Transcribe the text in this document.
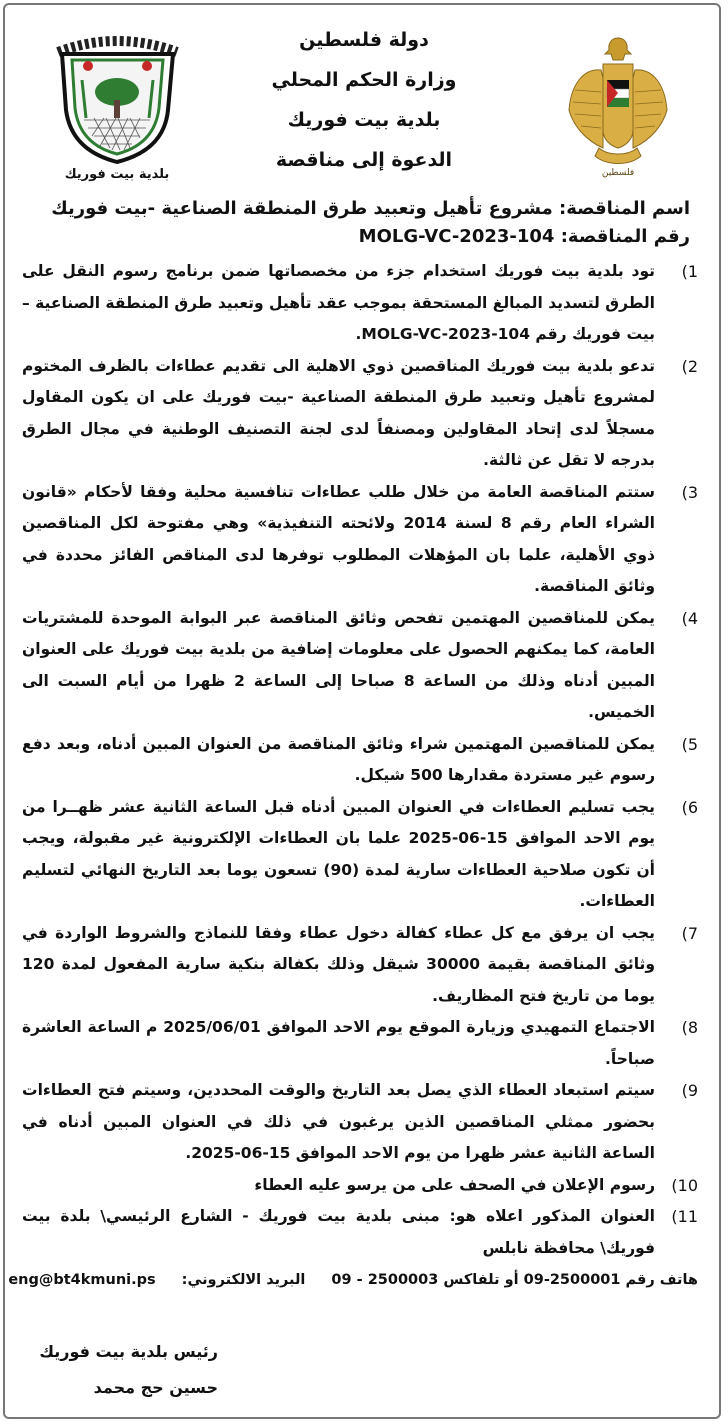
فلسطين
دولة فلسطين
وزارة الحكم المحلي
بلدية بيت فوريك
الدعوة إلى مناقصة
بلدية بيت فوريك
اسم المناقصة: مشروع تأهيل وتعبيد طرق المنطقة الصناعية -بيت فوريك
رقم المناقصة: MOLG-VC-2023-104
1)
تود بلدية بيت فوريك استخدام جزء من مخصصاتها ضمن برنامج رسوم النقل على الطرق لتسديد المبالغ المستحقة بموجب عقد تأهيل وتعبيد طرق المنطقة الصناعية – بيت فوريك رقم MOLG-VC-2023-104.
2)
تدعو بلدية بيت فوريك المناقصين ذوي الاهلية الى تقديم عطاءات بالظرف المختوم لمشروع تأهيل وتعبيد طرق المنطقة الصناعية -بيت فوريك على ان يكون المقاول مسجلاً لدى إتحاد المقاولين ومصنفاً لدى لجنة التصنيف الوطنية في مجال الطرق بدرجه لا تقل عن ثالثة.
3)
ستتم المناقصة العامة من خلال طلب عطاءات تنافسية محلية وفقا لأحكام «قانون الشراء العام رقم 8 لسنة 2014 ولائحته التنفيذية» وهي مفتوحة لكل المناقصين ذوي الأهلية، علما بان المؤهلات المطلوب توفرها لدى المناقص الفائز محددة في وثائق المناقصة.
4)
يمكن للمناقصين المهتمين تفحص وثائق المناقصة عبر البوابة الموحدة للمشتريات العامة، كما يمكنهم الحصول على معلومات إضافية من بلدية بيت فوريك على العنوان المبين أدناه وذلك من الساعة 8 صباحا إلى الساعة 2 ظهرا من أيام السبت الى الخميس.
5)
يمكن للمناقصين المهتمين شراء وثائق المناقصة من العنوان المبين أدناه، وبعد دفع رسوم غير مستردة مقدارها 500 شيكل.
6)
يجب تسليم العطاءات في العنوان المبين أدناه قبل الساعة الثانية عشر ظهــرا من يوم الاحد الموافق 15-06-2025 علما بان العطاءات الإلكترونية غير مقبولة، ويجب أن تكون صلاحية العطاءات سارية لمدة (90) تسعون يوما بعد التاريخ النهائي لتسليم العطاءات.
7)
يجب ان يرفق مع كل عطاء كفالة دخول عطاء وفقا للنماذج والشروط الواردة في وثائق المناقصة بقيمة 30000 شيقل وذلك بكفالة بنكية سارية المفعول لمدة 120 يوما من تاريخ فتح المظاريف.
8)
الاجتماع التمهيدي وزيارة الموقع يوم الاحد الموافق 2025/06/01 م الساعة العاشرة صباحاً.
9)
سيتم استبعاد العطاء الذي يصل بعد التاريخ والوقت المحددين، وسيتم فتح العطاءات بحضور ممثلي المناقصين الذين يرغبون في ذلك في العنوان المبين أدناه في الساعة الثانية عشر ظهرا من يوم الاحد الموافق 15-06-2025.
10)
رسوم الإعلان في الصحف على من يرسو عليه العطاء
11)
العنوان المذكور اعلاه هو: مبنى بلدية بيت فوريك - الشارع الرئيسي\ بلدة بيت فوريك\ محافظة نابلس
هاتف رقم 2500001-09 أو تلفاكس 2500003 - 09
البريد الالكتروني:
eng@bt4kmuni.ps
رئيس بلدية بيت فوريك
حسين حج محمد
